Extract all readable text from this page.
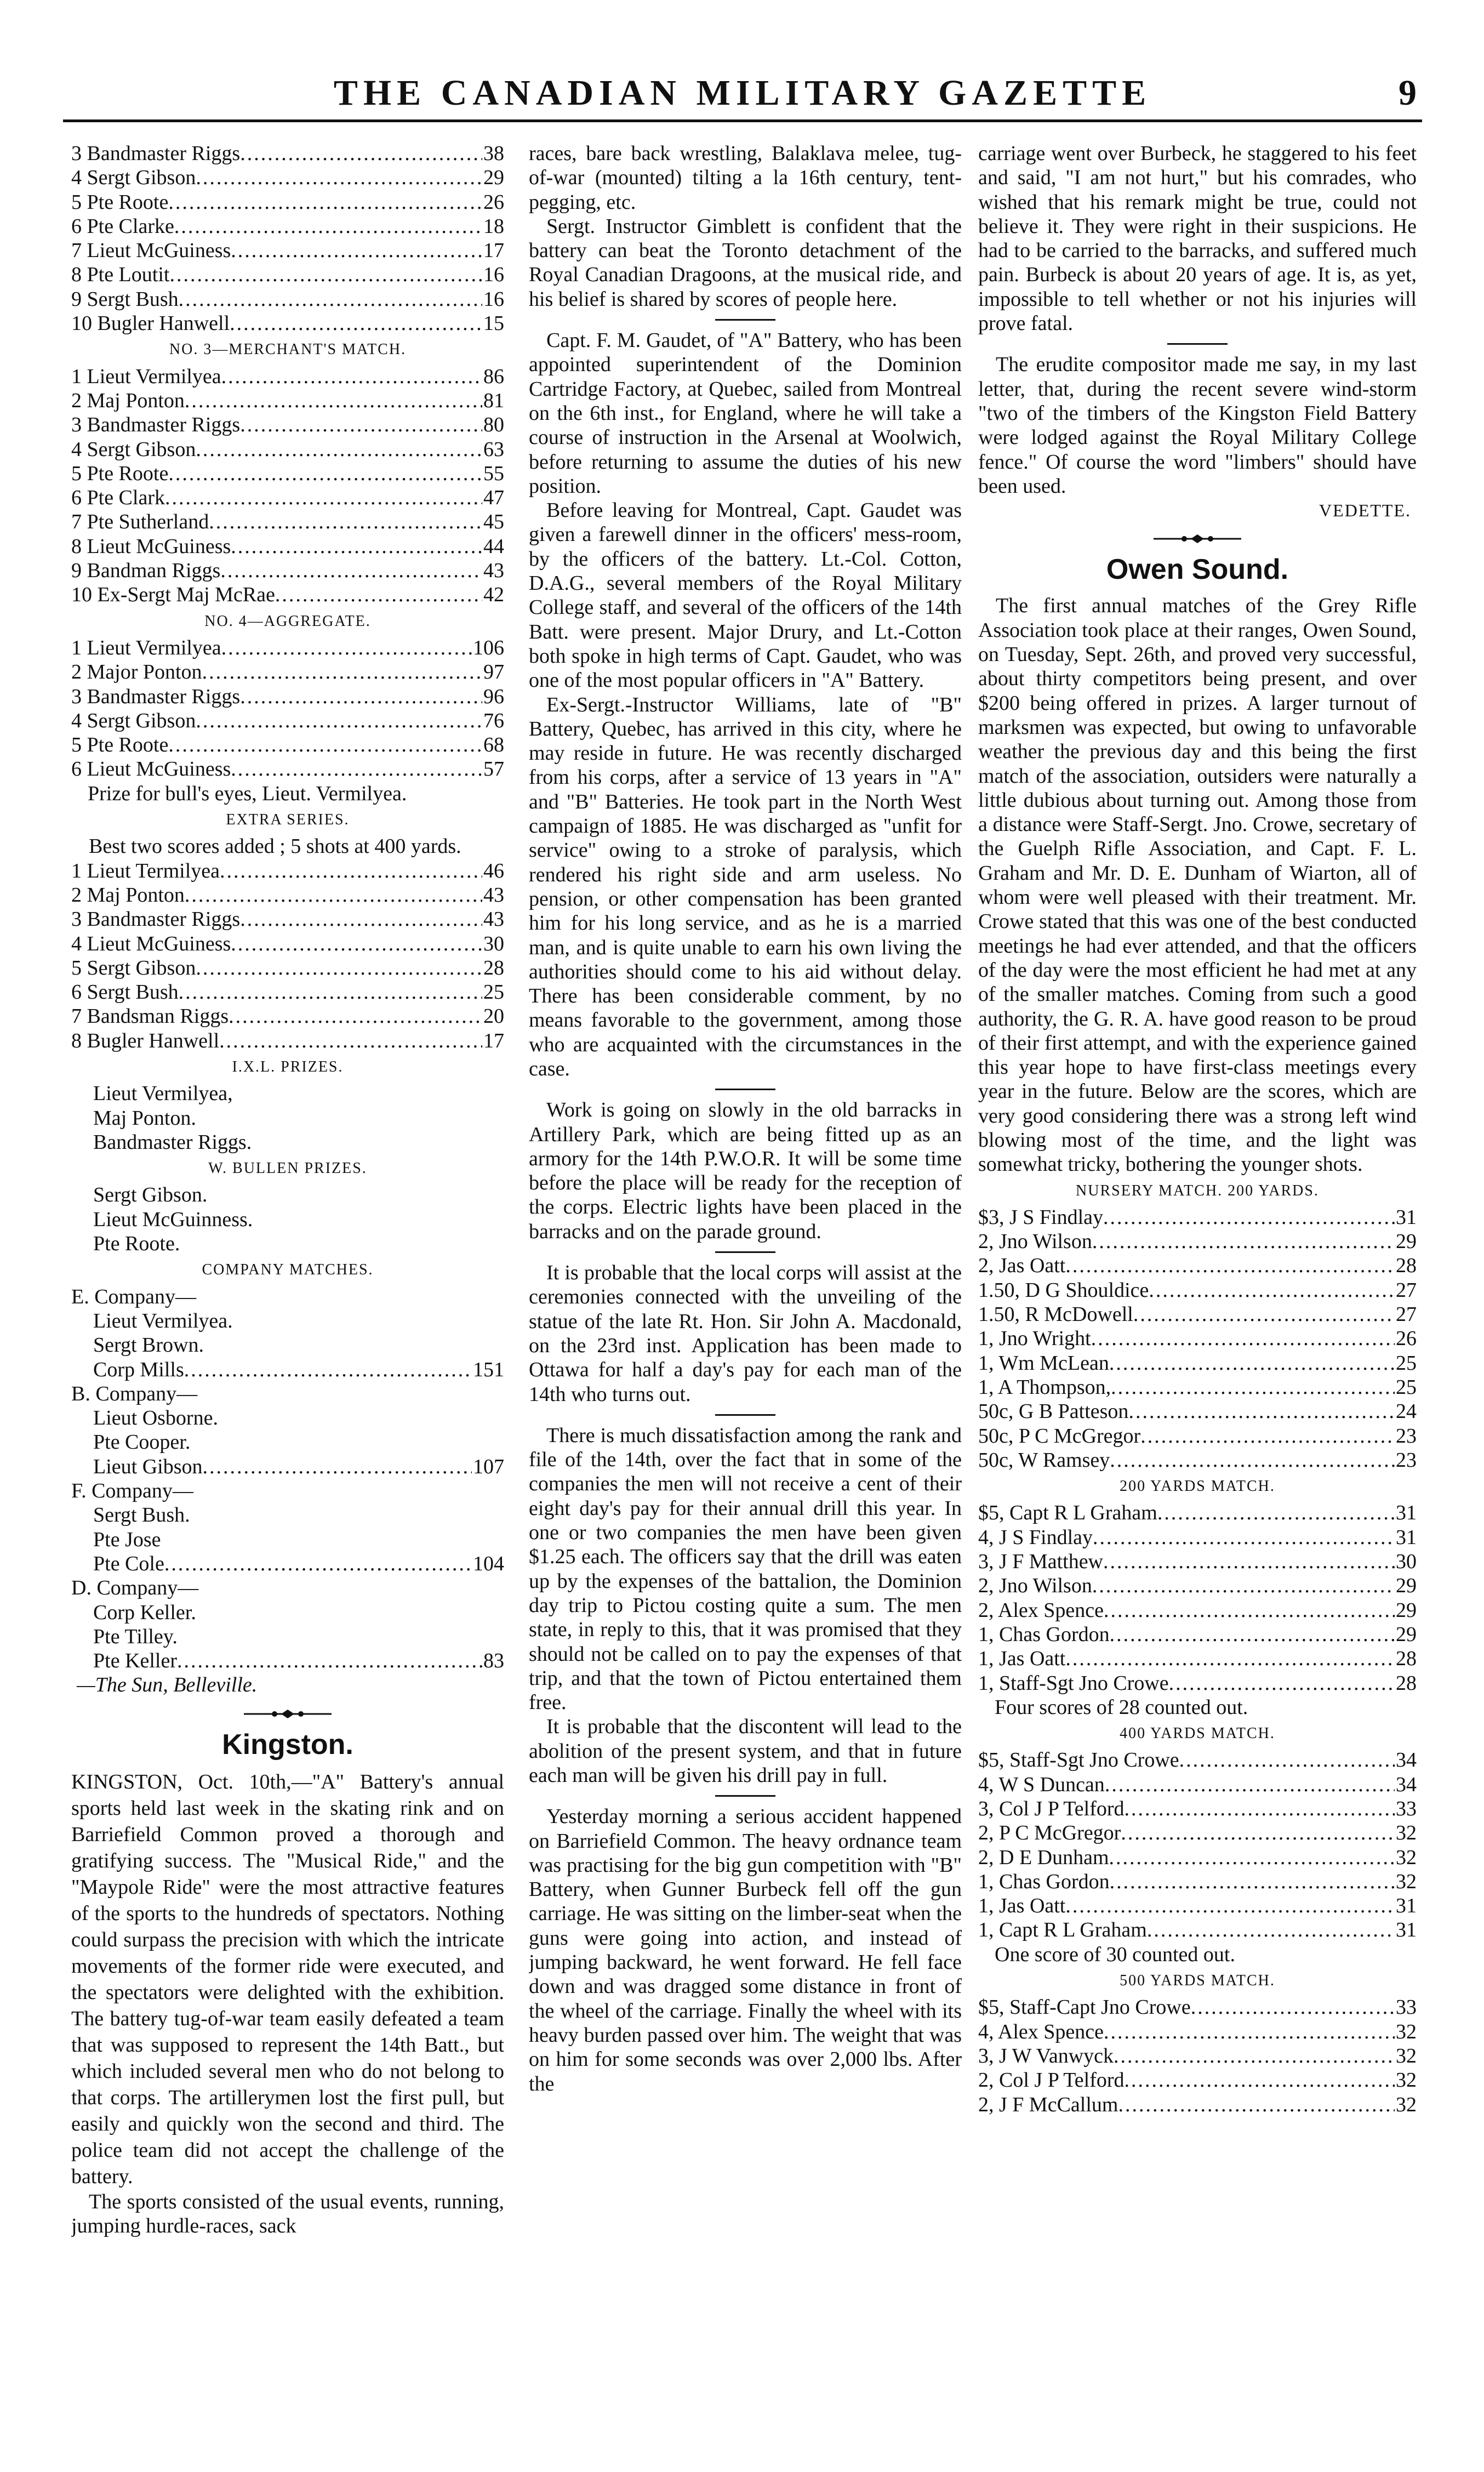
THE CANADIAN MILITARY GAZETTE	9
3 Bandmaster Riggs .....	38
4 Sergt Gibson .....	29
5 Pte Roote .....	26
6 Pte Clarke .....	18
7 Lieut McGuiness .....	17
8 Pte Loutit .....	16
9 Sergt Bush .....	16
10 Bugler Hanwell .....	15
NO. 3—MERCHANT'S MATCH.
1 Lieut Vermilyea .....	86
2 Maj Ponton .....	81
3 Bandmaster Riggs .....	80
4 Sergt Gibson .....	63
5 Pte Roote .....	55
6 Pte Clark .....	47
7 Pte Sutherland .....	45
8 Lieut McGuiness .....	44
9 Bandman Riggs .....	43
10 Ex-Sergt Maj McRae .....	42
NO. 4—AGGREGATE.
1 Lieut Vermilyea .....	106
2 Major Ponton .....	97
3 Bandmaster Riggs .....	96
4 Sergt Gibson .....	76
5 Pte Roote .....	68
6 Lieut McGuiness .....	57
Prize for bull's eyes, Lieut. Vermilyea.
EXTRA SERIES.
Best two scores added ; 5 shots at 400 yards.
1 Lieut Termilyea .....	46
2 Maj Ponton .....	43
3 Bandmaster Riggs .....	43
4 Lieut McGuiness .....	30
5 Sergt Gibson .....	28
6 Sergt Bush .....	25
7 Bandsman Riggs .....	20
8 Bugler Hanwell .....	17
I.X.L. PRIZES.
Lieut Vermilyea,
Maj Ponton.
Bandmaster Riggs.
W. BULLEN PRIZES.
Sergt Gibson.
Lieut McGuinness.
Pte Roote.
COMPANY MATCHES.
E. Company—
Lieut Vermilyea.
Sergt Brown.
Corp Mills .....	151
B. Company—
Lieut Osborne.
Pte Cooper.
Lieut Gibson .....	107
F. Company—
Sergt Bush.
Pte Jose
Pte Cole .....	104
D. Company—
Corp Keller.
Pte Tilley.
Pte Keller .....	83
—The Sun, Belleville.
Kingston.

KINGSTON, Oct. 10th,—"A" Battery's annual sports held last week in the skating rink and on Barriefield Common proved a thorough and gratifying success. The "Musical Ride," and the "Maypole Ride" were the most attractive features of the sports to the hundreds of spectators. Nothing could surpass the precision with which the intricate movements of the former ride were executed, and the spectators were delighted with the exhibition. The battery tug-of-war team easily defeated a team that was supposed to represent the 14th Batt., but which included several men who do not belong to that corps. The artillerymen lost the first pull, but easily and quickly won the second and third. The police team did not accept the challenge of the battery.

The sports consisted of the usual events, running, jumping hurdle-races, sack

races, bare back wrestling, Balaklava melee, tug-of-war (mounted) tilting a la 16th century, tent-pegging, etc.

Sergt. Instructor Gimblett is confident that the battery can beat the Toronto detachment of the Royal Canadian Dragoons, at the musical ride, and his belief is shared by scores of people here.

Capt. F. M. Gaudet, of "A" Battery, who has been appointed superintendent of the Dominion Cartridge Factory, at Quebec, sailed from Montreal on the 6th inst., for England, where he will take a course of instruction in the Arsenal at Woolwich, before returning to assume the duties of his new position.

Before leaving for Montreal, Capt. Gaudet was given a farewell dinner in the officers' mess-room, by the officers of the battery. Lt.-Col. Cotton, D.A.G., several members of the Royal Military College staff, and several of the officers of the 14th Batt. were present. Major Drury, and Lt.-Cotton both spoke in high terms of Capt. Gaudet, who was one of the most popular officers in "A" Battery.

Ex-Sergt.-Instructor Williams, late of "B" Battery, Quebec, has arrived in this city, where he may reside in future. He was recently discharged from his corps, after a service of 13 years in "A" and "B" Batteries. He took part in the North West campaign of 1885. He was discharged as "unfit for service" owing to a stroke of paralysis, which rendered his right side and arm useless. No pension, or other compensation has been granted him for his long service, and as he is a married man, and is quite unable to earn his own living the authorities should come to his aid without delay. There has been considerable comment, by no means favorable to the government, among those who are acquainted with the circumstances in the case.

Work is going on slowly in the old barracks in Artillery Park, which are being fitted up as an armory for the 14th P.W.O.R. It will be some time before the place will be ready for the reception of the corps. Electric lights have been placed in the barracks and on the parade ground.

It is probable that the local corps will assist at the ceremonies connected with the unveiling of the statue of the late Rt. Hon. Sir John A. Macdonald, on the 23rd inst. Application has been made to Ottawa for half a day's pay for each man of the 14th who turns out.

There is much dissatisfaction among the rank and file of the 14th, over the fact that in some of the companies the men will not receive a cent of their eight day's pay for their annual drill this year. In one or two companies the men have been given $1.25 each. The officers say that the drill was eaten up by the expenses of the battalion, the Dominion day trip to Pictou costing quite a sum. The men state, in reply to this, that it was promised that they should not be called on to pay the expenses of that trip, and that the town of Pictou entertained them free.

It is probable that the discontent will lead to the abolition of the present system, and that in future each man will be given his drill pay in full.

Yesterday morning a serious accident happened on Barriefield Common. The heavy ordnance team was practising for the big gun competition with "B" Battery, when Gunner Burbeck fell off the gun carriage. He was sitting on the limber-seat when the guns were going into action, and instead of jumping backward, he went forward. He fell face down and was dragged some distance in front of the wheel of the carriage. Finally the wheel with its heavy burden passed over him. The weight that was on him for some seconds was over 2,000 lbs. After the

carriage went over Burbeck, he staggered to his feet and said, "I am not hurt," but his comrades, who wished that his remark might be true, could not believe it. They were right in their suspicions. He had to be carried to the barracks, and suffered much pain. Burbeck is about 20 years of age. It is, as yet, impossible to tell whether or not his injuries will prove fatal.

The erudite compositor made me say, in my last letter, that, during the recent severe wind-storm "two of the timbers of the Kingston Field Battery were lodged against the Royal Military College fence." Of course the word "limbers" should have been used.

VEDETTE.
Owen Sound.

The first annual matches of the Grey Rifle Association took place at their ranges, Owen Sound, on Tuesday, Sept. 26th, and proved very successful, about thirty competitors being present, and over $200 being offered in prizes. A larger turnout of marksmen was expected, but owing to unfavorable weather the previous day and this being the first match of the association, outsiders were naturally a little dubious about turning out. Among those from a distance were Staff-Sergt. Jno. Crowe, secretary of the Guelph Rifle Association, and Capt. F. L. Graham and Mr. D. E. Dunham of Wiarton, all of whom were well pleased with their treatment. Mr. Crowe stated that this was one of the best conducted meetings he had ever attended, and that the officers of the day were the most efficient he had met at any of the smaller matches. Coming from such a good authority, the G. R. A. have good reason to be proud of their first attempt, and with the experience gained this year hope to have first-class meetings every year in the future. Below are the scores, which are very good considering there was a strong left wind blowing most of the time, and the light was somewhat tricky, bothering the younger shots.

NURSERY MATCH. 200 YARDS.
$3, J S Findlay .....	31
2, Jno Wilson .....	29
2, Jas Oatt .....	28
1.50, D G Shouldice .....	27
1.50, R McDowell .....	27
1, Jno Wright .....	26
1, Wm McLean .....	25
1, A Thompson, .....	25
50c, G B Patteson .....	24
50c, P C McGregor .....	23
50c, W Ramsey .....	23
200 YARDS MATCH.
$5, Capt R L Graham .....	31
4, J S Findlay .....	31
3, J F Matthew .....	30
2, Jno Wilson .....	29
2, Alex Spence .....	29
1, Chas Gordon .....	29
1, Jas Oatt .....	28
1, Staff-Sgt Jno Crowe .....	28
Four scores of 28 counted out.
400 YARDS MATCH.
$5, Staff-Sgt Jno Crowe .....	34
4, W S Duncan .....	34
3, Col J P Telford .....	33
2, P C McGregor .....	32
2, D E Dunham .....	32
1, Chas Gordon .....	32
1, Jas Oatt .....	31
1, Capt R L Graham .....	31
One score of 30 counted out.
500 YARDS MATCH.
$5, Staff-Capt Jno Crowe .....	33
4, Alex Spence .....	32
3, J W Vanwyck .....	32
2, Col J P Telford .....	32
2, J F McCallum .....	32
